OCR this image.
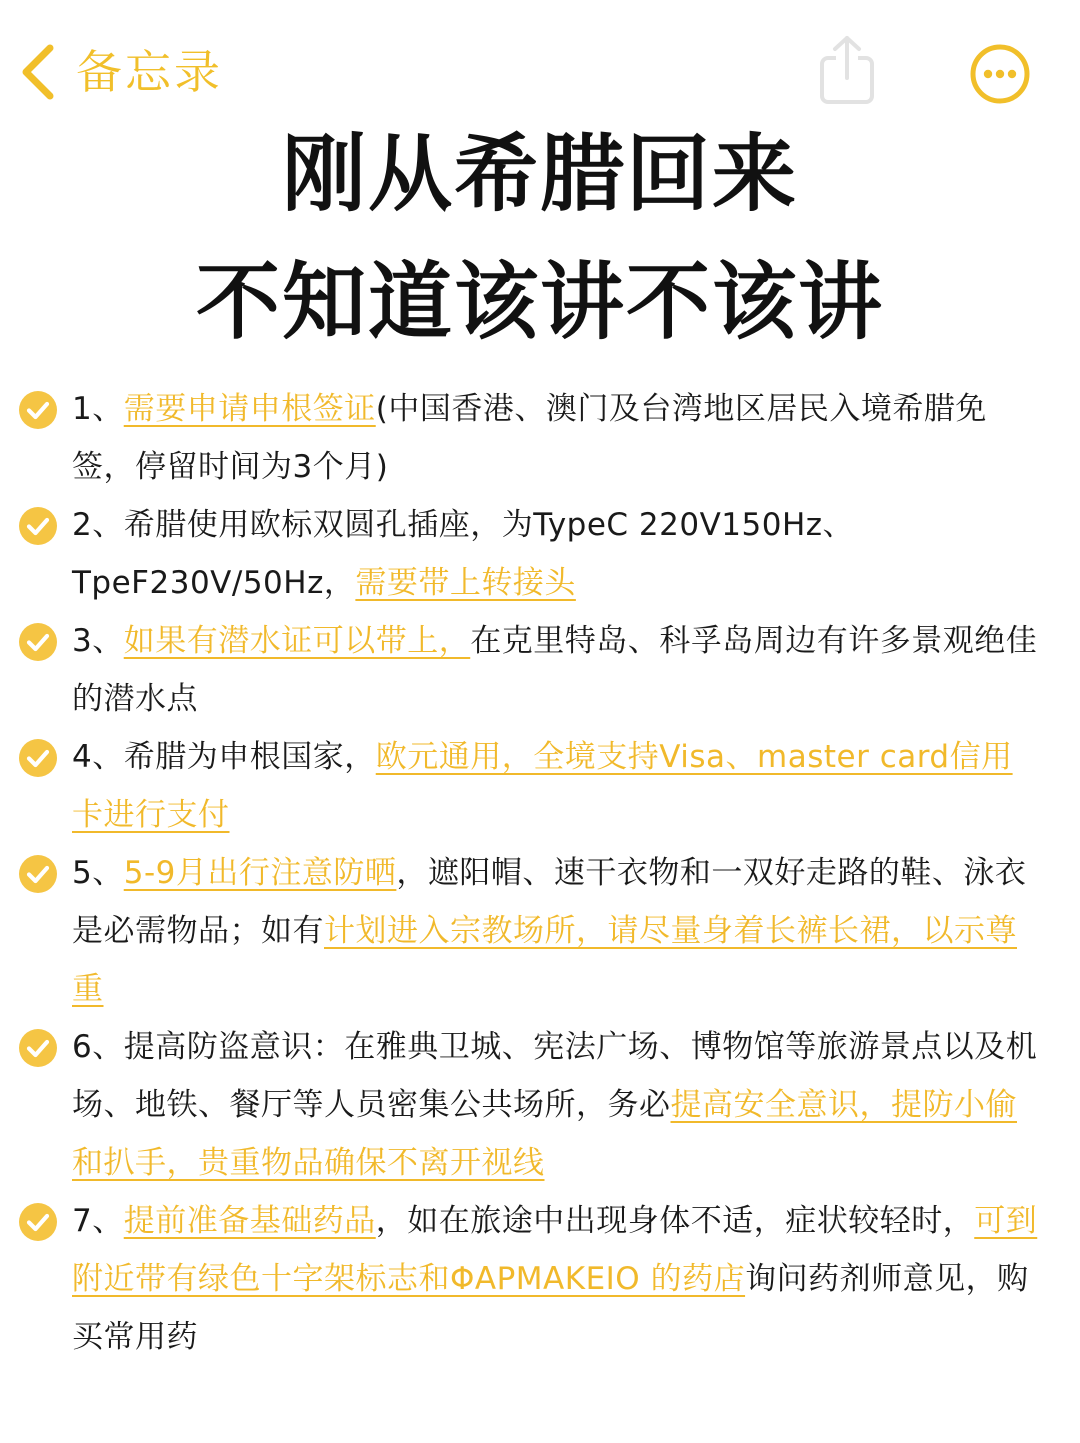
备忘录
刚从希腊回来
不知道该讲不该讲

1、需要申请申根签证(中国香港、澳门及台湾地区居民入境希腊免签，停留时间为3个月)

2、希腊使用欧标双圆孔插座，为TypeC 220V150Hz、TpeF230V/50Hz，需要带上转接头

3、如果有潜水证可以带上，在克里特岛、科孚岛周边有许多景观绝佳的潜水点

4、希腊为申根国家，欧元通用，全境支持Visa、master card信用卡进行支付

5、5-9月出行注意防晒，遮阳帽、速干衣物和一双好走路的鞋、泳衣是必需物品；如有计划进入宗教场所，请尽量身着长裤长裙，以示尊重

6、提高防盗意识：在雅典卫城、宪法广场、博物馆等旅游景点以及机场、地铁、餐厅等人员密集公共场所，务必提高安全意识，提防小偷和扒手，贵重物品确保不离开视线

7、提前准备基础药品，如在旅途中出现身体不适，症状较轻时，可到附近带有绿色十字架标志和ΦAPMAKEIO 的药店询问药剂师意见，购买常用药
